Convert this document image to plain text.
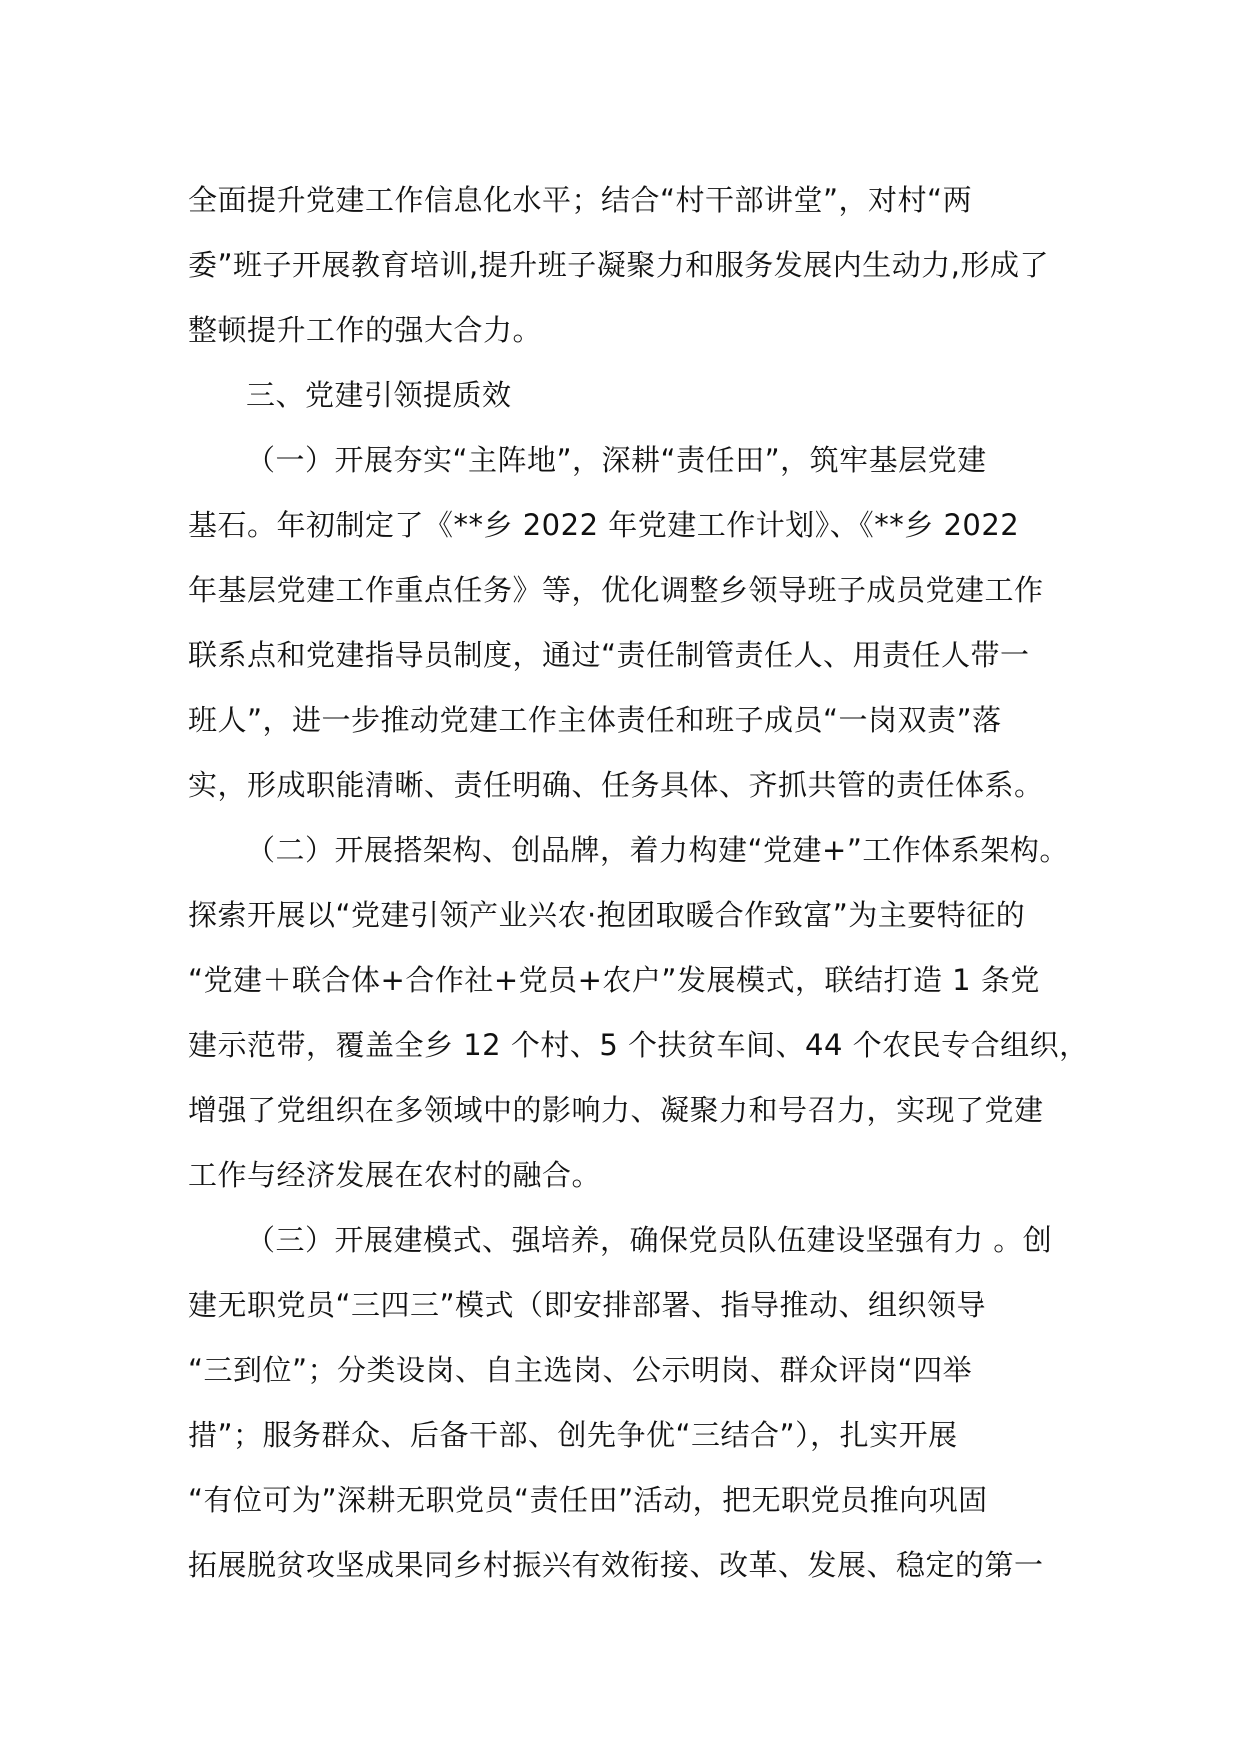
全面提升党建工作信息化水平；结合“村干部讲堂”，对村“两
委”班子开展教育培训,提升班子凝聚力和服务发展内生动力,形成了
整顿提升工作的强大合力。
三、党建引领提质效
（一）开展夯实“主阵地”，深耕“责任田”，筑牢基层党建
基石。年初制定了《**乡 2022 年党建工作计划》、《**乡 2022
年基层党建工作重点任务》等，优化调整乡领导班子成员党建工作
联系点和党建指导员制度，通过“责任制管责任人、用责任人带一
班人”，进一步推动党建工作主体责任和班子成员“一岗双责”落
实，形成职能清晰、责任明确、任务具体、齐抓共管的责任体系。
（二）开展搭架构、创品牌，着力构建“党建+”工作体系架构。
探索开展以“党建引领产业兴农·抱团取暖合作致富”为主要特征的
“党建＋联合体+合作社+党员+农户”发展模式，联结打造 1 条党
建示范带，覆盖全乡 12 个村、5 个扶贫车间、44 个农民专合组织，
增强了党组织在多领域中的影响力、凝聚力和号召力，实现了党建
工作与经济发展在农村的融合。
（三）开展建模式、强培养，确保党员队伍建设坚强有力 。创
建无职党员“三四三”模式（即安排部署、指导推动、组织领导
“三到位”；分类设岗、自主选岗、公示明岗、群众评岗“四举
措”；服务群众、后备干部、创先争优“三结合”），扎实开展
“有位可为”深耕无职党员“责任田”活动，把无职党员推向巩固
拓展脱贫攻坚成果同乡村振兴有效衔接、改革、发展、稳定的第一
